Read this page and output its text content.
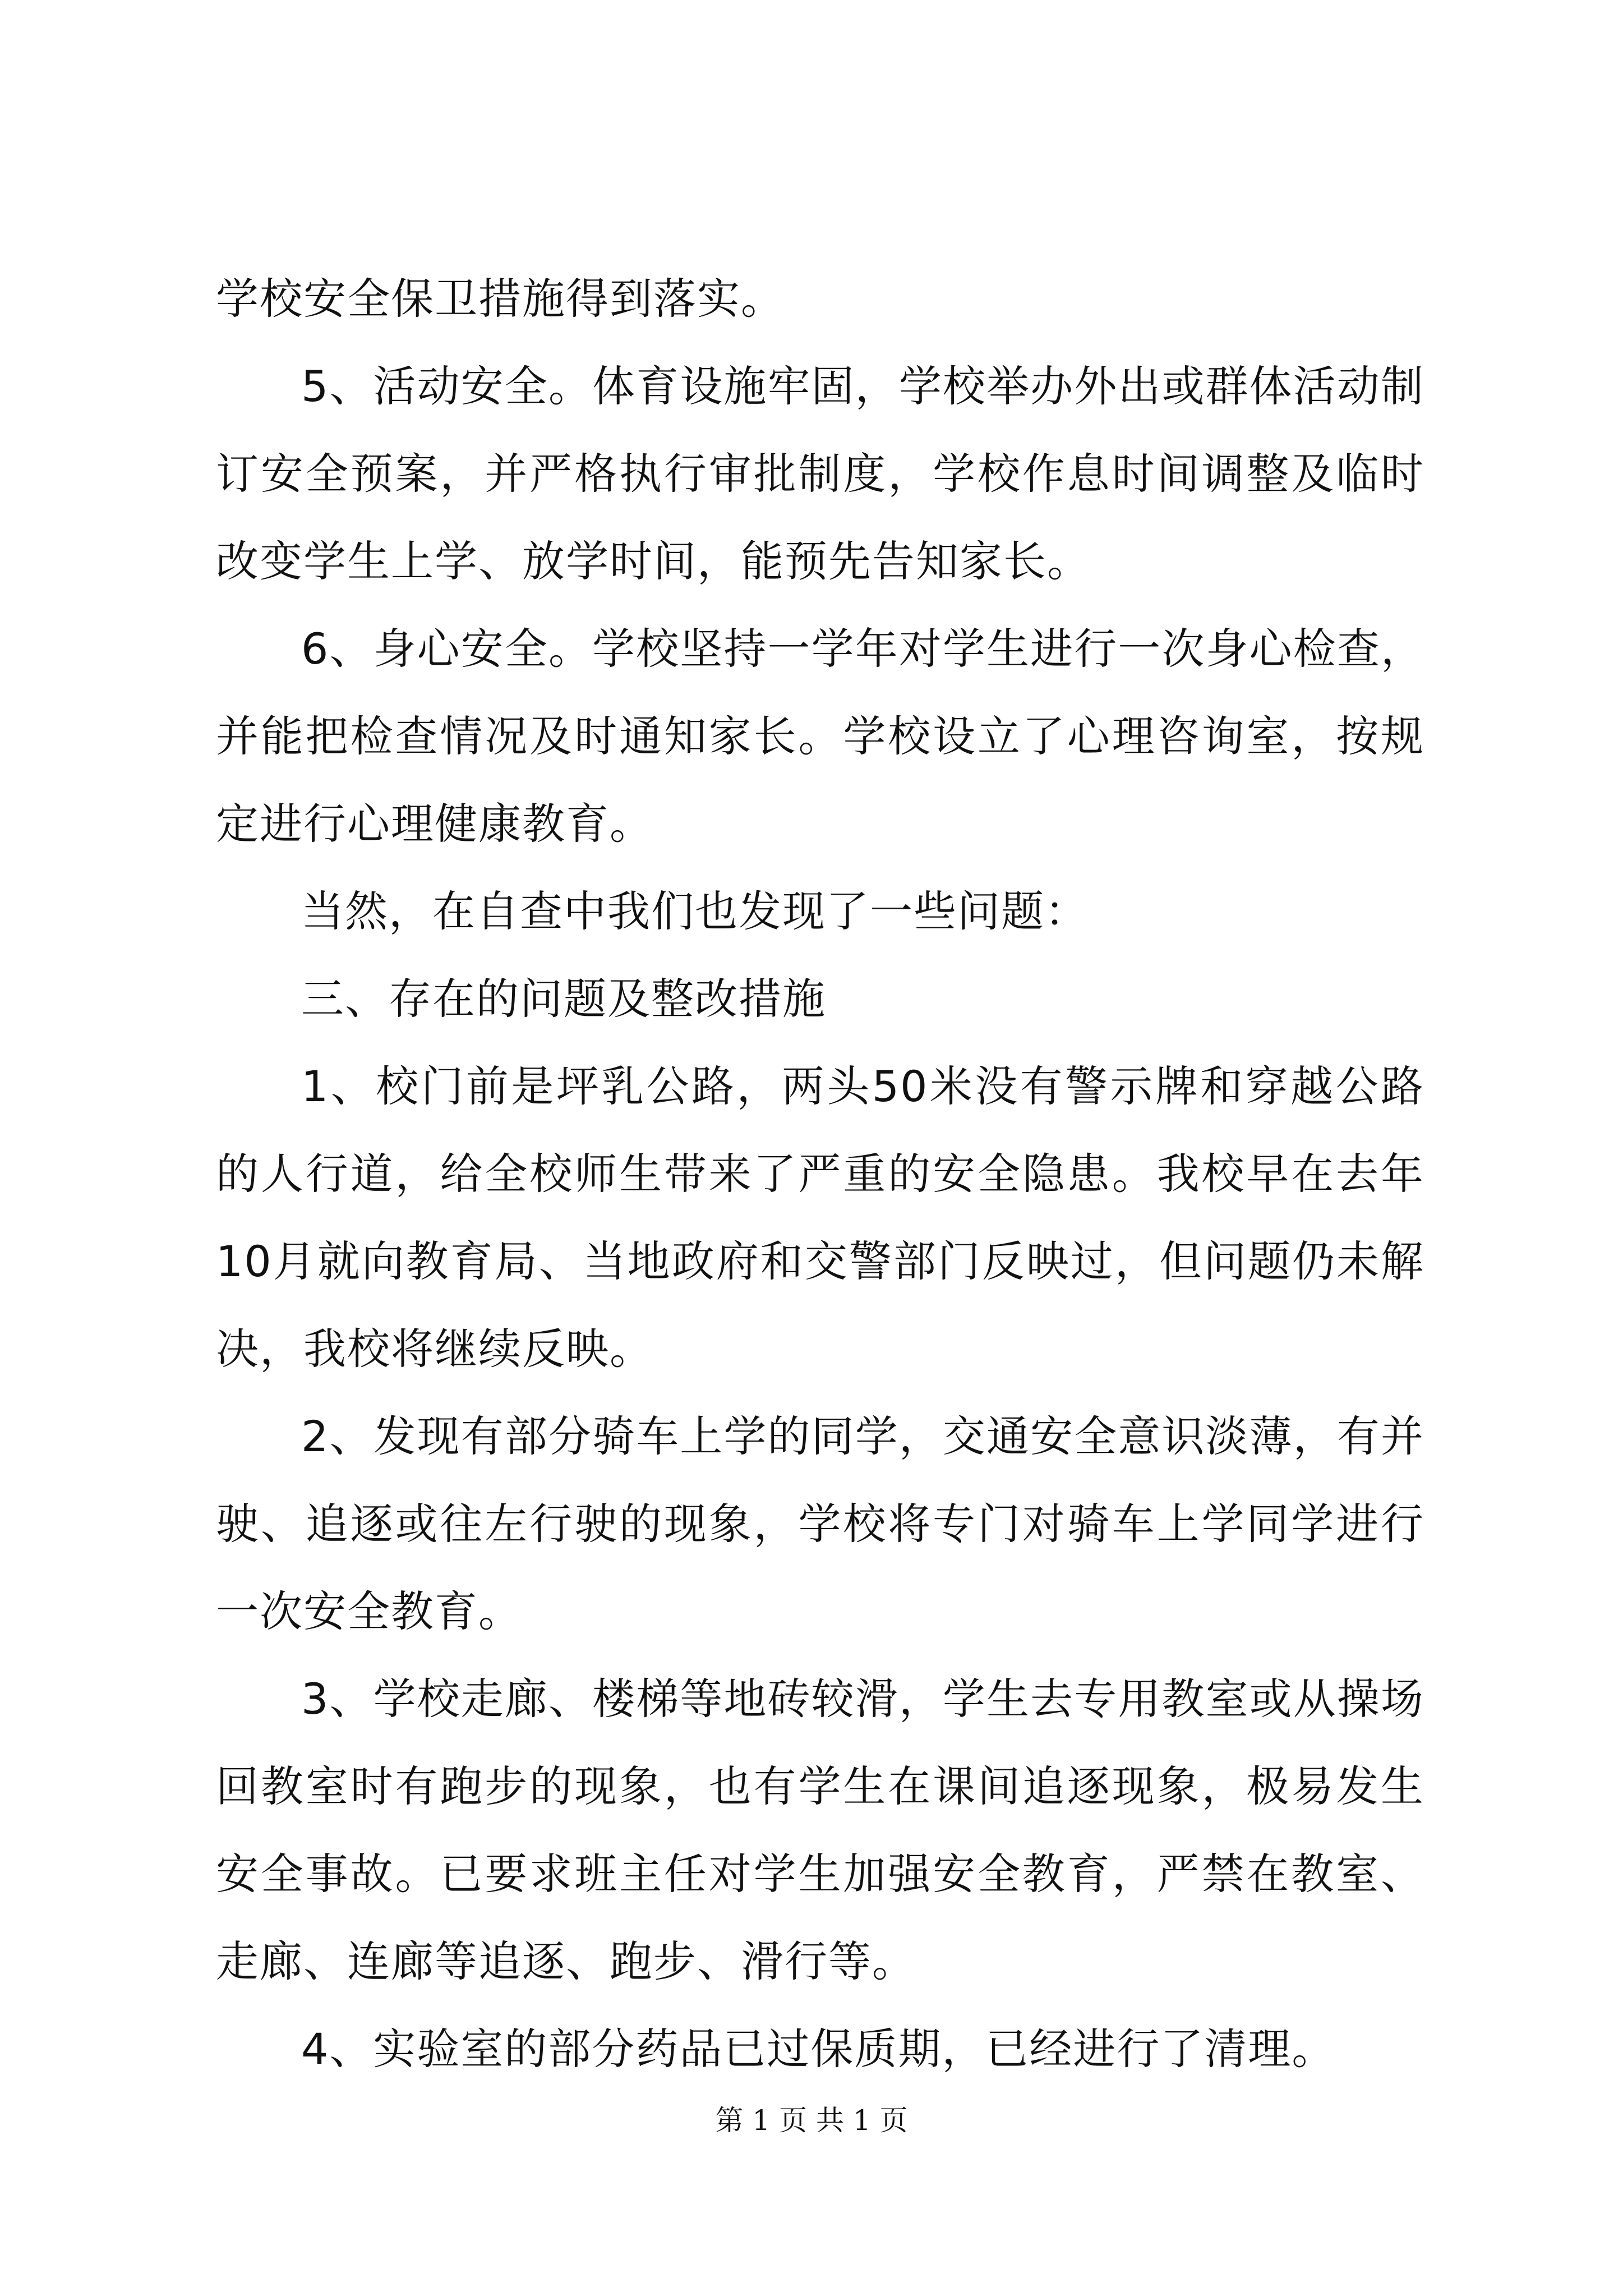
学校安全保卫措施得到落实。

5、活动安全。体育设施牢固，学校举办外出或群体活动制订安全预案，并严格执行审批制度，学校作息时间调整及临时改变学生上学、放学时间，能预先告知家长。

6、身心安全。学校坚持一学年对学生进行一次身心检查，并能把检查情况及时通知家长。学校设立了心理咨询室，按规定进行心理健康教育。

当然，在自查中我们也发现了一些问题：

三、存在的问题及整改措施

1、校门前是坪乳公路，两头50米没有警示牌和穿越公路的人行道，给全校师生带来了严重的安全隐患。我校早在去年10月就向教育局、当地政府和交警部门反映过，但问题仍未解决，我校将继续反映。

2、发现有部分骑车上学的同学，交通安全意识淡薄，有并驶、追逐或往左行驶的现象，学校将专门对骑车上学同学进行一次安全教育。

3、学校走廊、楼梯等地砖较滑，学生去专用教室或从操场回教室时有跑步的现象，也有学生在课间追逐现象，极易发生安全事故。已要求班主任对学生加强安全教育，严禁在教室、走廊、连廊等追逐、跑步、滑行等。

4、实验室的部分药品已过保质期，已经进行了清理。

第 1 页 共 1 页
